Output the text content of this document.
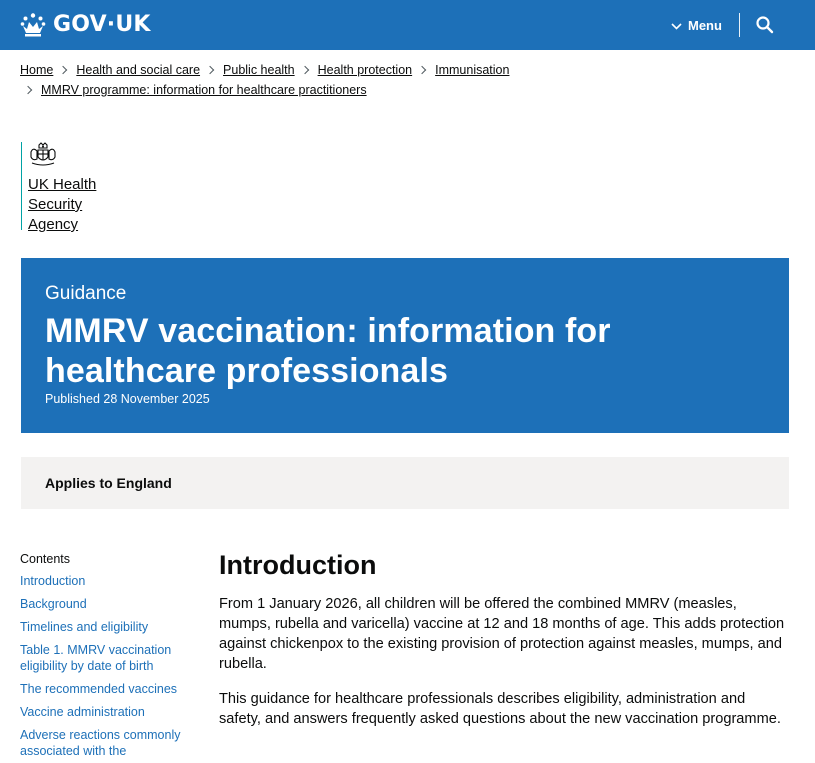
GOV·UK	Menu
Home Health and social care Public health Health protection Immunisation
MMRV programme: information for healthcare practitioners
UK Health
Security
Agency
Guidance
MMRV vaccination: information for healthcare professionals
Published 28 November 2025
Applies to England
Contents
Introduction
Background
Timelines and eligibility
Table 1. MMRV vaccination eligibility by date of birth
The recommended vaccines
Vaccine administration
Adverse reactions commonly associated with the
Introduction

From 1 January 2026, all children will be offered the combined MMRV (measles, mumps, rubella and varicella) vaccine at 12 and 18 months of age. This adds protection against chickenpox to the existing provision of protection against measles, mumps, and rubella.

This guidance for healthcare professionals describes eligibility, administration and safety, and answers frequently asked questions about the new vaccination programme.
